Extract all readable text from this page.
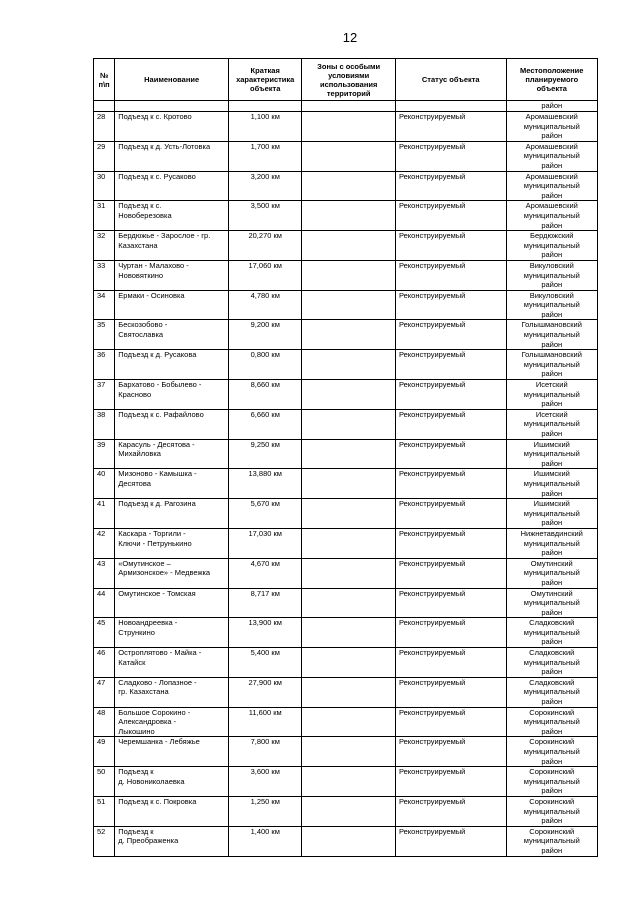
12
№
п\п	Наименование	Краткая
характеристика
объекта	Зоны с особыми
условиями
использования
территорий	Статус объекта	Местоположение
планируемого
объекта

					район
28	Подъезд к с. Кротово	1,100 км		Реконструируемый	Аромашевский
муниципальный
район

29	Подъезд к д. Усть-Лотовка	1,700 км		Реконструируемый	Аромашевский
муниципальный
район

30	Подъезд к с. Русаково	3,200 км		Реконструируемый	Аромашевский
муниципальный
район

31	Подъезд к с.
Новоберезовка	3,500 км		Реконструируемый	Аромашевский
муниципальный
район

32	Бердюжье - Зарослое - гр.
Казахстана	20,270 км		Реконструируемый	Бердюжский
муниципальный
район

33	Чуртан - Малахово -
Нововяткино	17,060 км		Реконструируемый	Викуловский
муниципальный
район

34	Ермаки - Осиновка	4,780 км		Реконструируемый	Викуловский
муниципальный
район

35	Бескозобово -
Святославка	9,200 км		Реконструируемый	Голышмановский
муниципальный
район

36	Подъезд к д. Русакова	0,800 км		Реконструируемый	Голышмановский
муниципальный
район

37	Бархатово - Бобылево -
Красново	8,660 км		Реконструируемый	Исетский
муниципальный
район

38	Подъезд к с. Рафайлово	6,660 км		Реконструируемый	Исетский
муниципальный
район

39	Карасуль - Десятова -
Михайловка	9,250 км		Реконструируемый	Ишимский
муниципальный
район

40	Мизоново - Камышка -
Десятова	13,880 км		Реконструируемый	Ишимский
муниципальный
район

41	Подъезд к д. Рагозина	5,670 км		Реконструируемый	Ишимский
муниципальный
район

42	Каскара - Торгили -
Ключи - Петрунькино	17,030 км		Реконструируемый	Нижнетавдинский
муниципальный
район

43	«Омутинское –
Армизонское» - Медвежка	4,670 км		Реконструируемый	Омутинский
муниципальный
район

44	Омутинское - Томская	8,717 км		Реконструируемый	Омутинский
муниципальный
район

45	Новоандреевка -
Стрункино	13,900 км		Реконструируемый	Сладковский
муниципальный
район

46	Остроплятово - Майка -
Катайск	5,400 км		Реконструируемый	Сладковский
муниципальный
район

47	Сладково - Лопазное -
гр. Казахстана	27,900 км		Реконструируемый	Сладковский
муниципальный
район

48	Большое Сорокино -
Александровка -
Лыкошино	11,600 км		Реконструируемый	Сорокинский
муниципальный
район

49	Черемшанка - Лебяжье	7,800 км		Реконструируемый	Сорокинский
муниципальный
район

50	Подъезд к
д. Новониколаевка	3,600 км		Реконструируемый	Сорокинский
муниципальный
район

51	Подъезд к с. Покровка	1,250 км		Реконструируемый	Сорокинский
муниципальный
район

52	Подъезд к
д. Преображенка	1,400 км		Реконструируемый	Сорокинский
муниципальный
район
